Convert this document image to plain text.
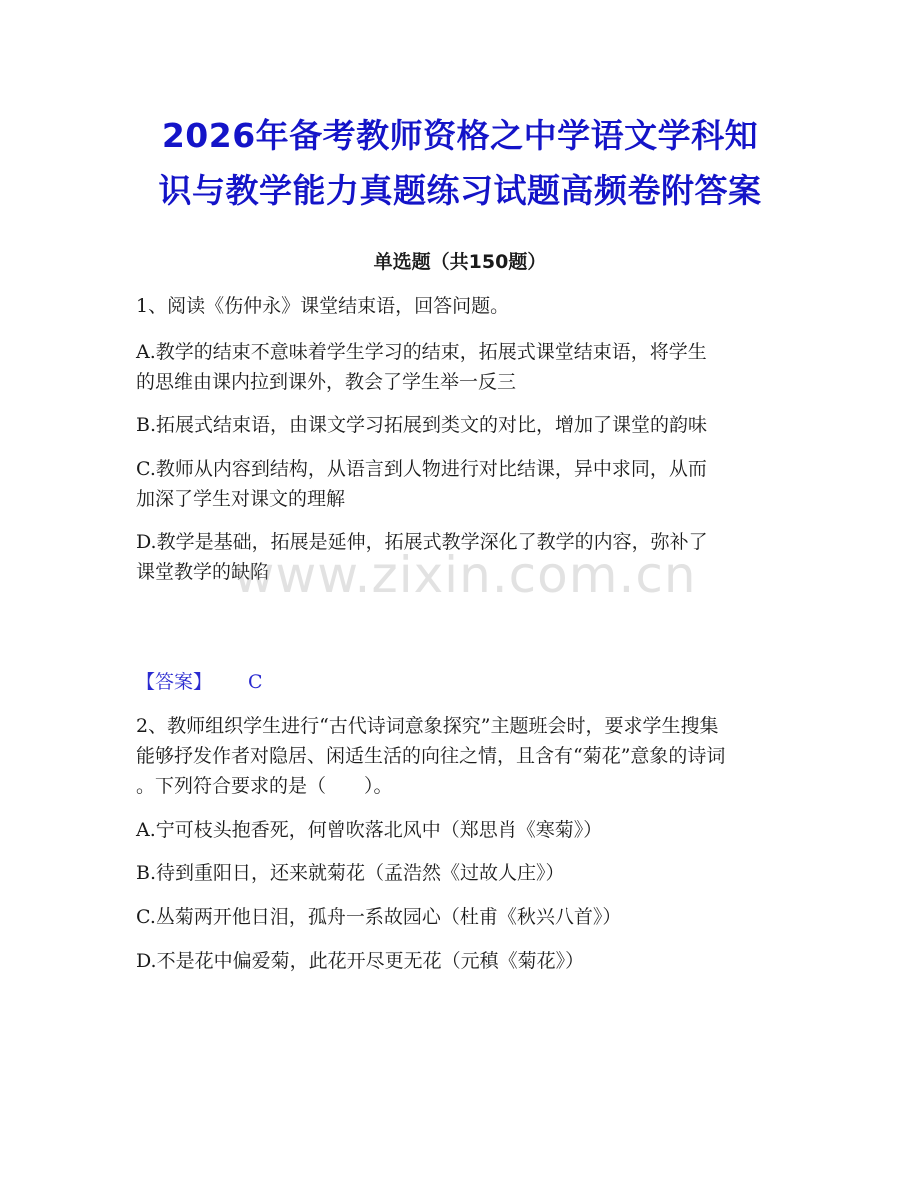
2026年备考教师资格之中学语文学科知
识与教学能力真题练习试题高频卷附答案
单选题（共150题）
1、阅读《伤仲永》课堂结束语，回答问题。
A.教学的结束不意味着学生学习的结束，拓展式课堂结束语，将学生
的思维由课内拉到课外，教会了学生举一反三
B.拓展式结束语，由课文学习拓展到类文的对比，增加了课堂的韵味
C.教师从内容到结构，从语言到人物进行对比结课，异中求同，从而
加深了学生对课文的理解
D.教学是基础，拓展是延伸，拓展式教学深化了教学的内容，弥补了
课堂教学的缺陷
【答案】 C
2、教师组织学生进行“古代诗词意象探究”主题班会时，要求学生搜集
能够抒发作者对隐居、闲适生活的向往之情，且含有“菊花”意象的诗词
。下列符合要求的是（　　）。
A.宁可枝头抱香死，何曾吹落北风中（郑思肖《寒菊》）
B.待到重阳日，还来就菊花（孟浩然《过故人庄》）
C.丛菊两开他日泪，孤舟一系故园心（杜甫《秋兴八首》）
D.不是花中偏爱菊，此花开尽更无花（元稹《菊花》）
www.zixin.com.cn
